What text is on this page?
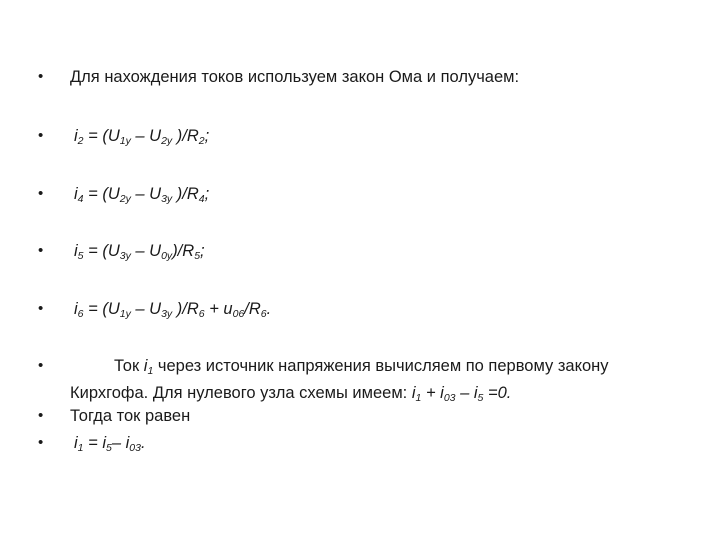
•	Для нахождения токов используем закон Ома и получаем:
•	$i_2 = (U_{1у} - U_{2у}$ )$/R_2$;
•	$i_4 = (U_{2у} - U_{3у}$ )$/R_4$;
•	$i_5 = (U_{3у} - U_{0у})/R_5$;
•	$i_6 = (U_{1у} - U_{3у}$ )$/R_6 + u_{06}/R_6$.
•	Ток $i_1$ через источник напряжения вычисляем по первому закону Кирхгофа. Для нулевого узла схемы имеем: $i_1 + i_{03} - i_5 =0$.
•	Тогда ток равен
•	$i_1 = i_5-$ $i_{03}$.
